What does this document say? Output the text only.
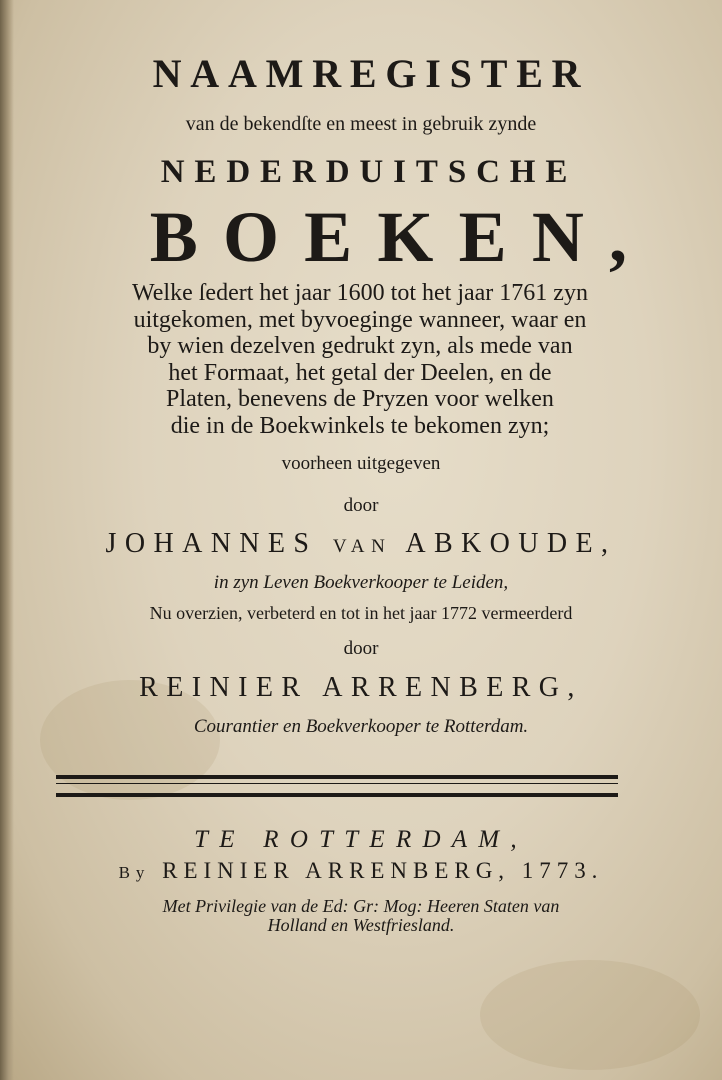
NAAMREGISTER
van de bekendſte en meest in gebruik zynde
NEDERDUITSCHE
BOEKEN,
Welke ſedert het jaar 1600 tot het jaar 1761 zyn
uitgekomen, met byvoeginge wanneer, waar en
by wien dezelven gedrukt zyn, als mede van
het Formaat, het getal der Deelen, en de
Platen, benevens de Pryzen voor welken
die in de Boekwinkels te bekomen zyn;
voorheen uitgegeven
door
JOHANNES VAN ABKOUDE,
in zyn Leven Boekverkooper te Leiden,
Nu overzien, verbeterd en tot in het jaar 1772 vermeerderd
door
REINIER ARRENBERG,
Courantier en Boekverkooper te Rotterdam.
TE ROTTERDAM,
By REINIER ARRENBERG, 1773.
Met Privilegie van de Ed: Gr: Mog: Heeren Staten van
Holland en Westfriesland.
